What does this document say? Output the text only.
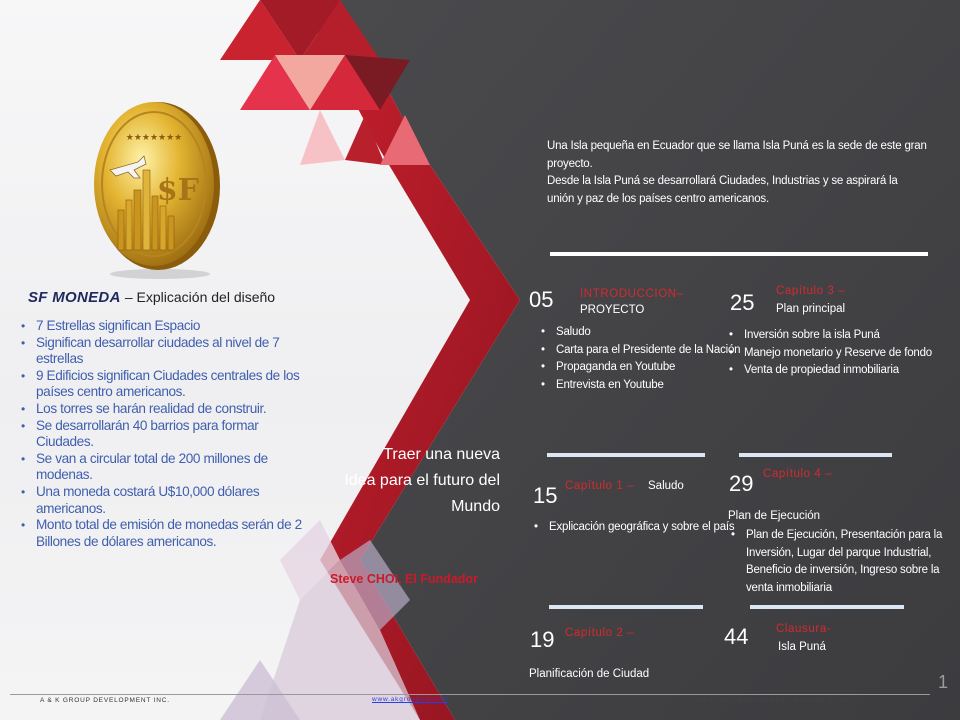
★★★★★★★
$F
SF MONEDA – Explicación del diseño
• 7 Estrellas significan Espacio
• Significan desarrollar ciudades al nivel de 7 estrellas
• 9 Edificios significan Ciudades centrales de los países centro americanos.
• Los torres se harán realidad de construir.
• Se desarrollarán 40 barrios para formar Ciudades.
• Se van a circular total de 200 millones de modenas.
• Una moneda costará U$10,000 dólares americanos.
• Monto total de emisión de monedas serán de 2 Billones de dólares americanos.
Traer una nueva
Idea para el futuro del
Mundo
Steve CHOI, El Fundador

Una Isla pequeña en Ecuador que se llama Isla Puná es la sede de este gran proyecto.

Desde la Isla Puná se desarrollará Ciudades, Industrias y se aspirará la unión y paz de los países centro americanos.

05 INTRODUCCION–
PROYECTO
• Saludo
• Carta para el Presidente de la Nación
• Propaganda en Youtube
• Entrevista en Youtube
25 Capítulo 3 –
Plan principal
• Inversión sobre la isla Puná
• Manejo monetario y Reserve de fondo
• Venta de propiedad inmobiliaria
15 Capítulo 1 – Saludo
• Explicación geográfica y sobre el país
29 Capítulo 4 –
Plan de Ejecución
• Plan de Ejecución, Presentación para la Inversión, Lugar del parque Industrial, Beneficio de inversión, Ingreso sobre la venta inmobiliaria
19 Capítulo 2 –
Planificación de Ciudad
44 Clausura-
Isla Puná
1
A & K GROUP DEVELOPMENT INC.	www.akgroupisa.com	ISLA PUNA DEVELOPMENT MASTER PLAN
